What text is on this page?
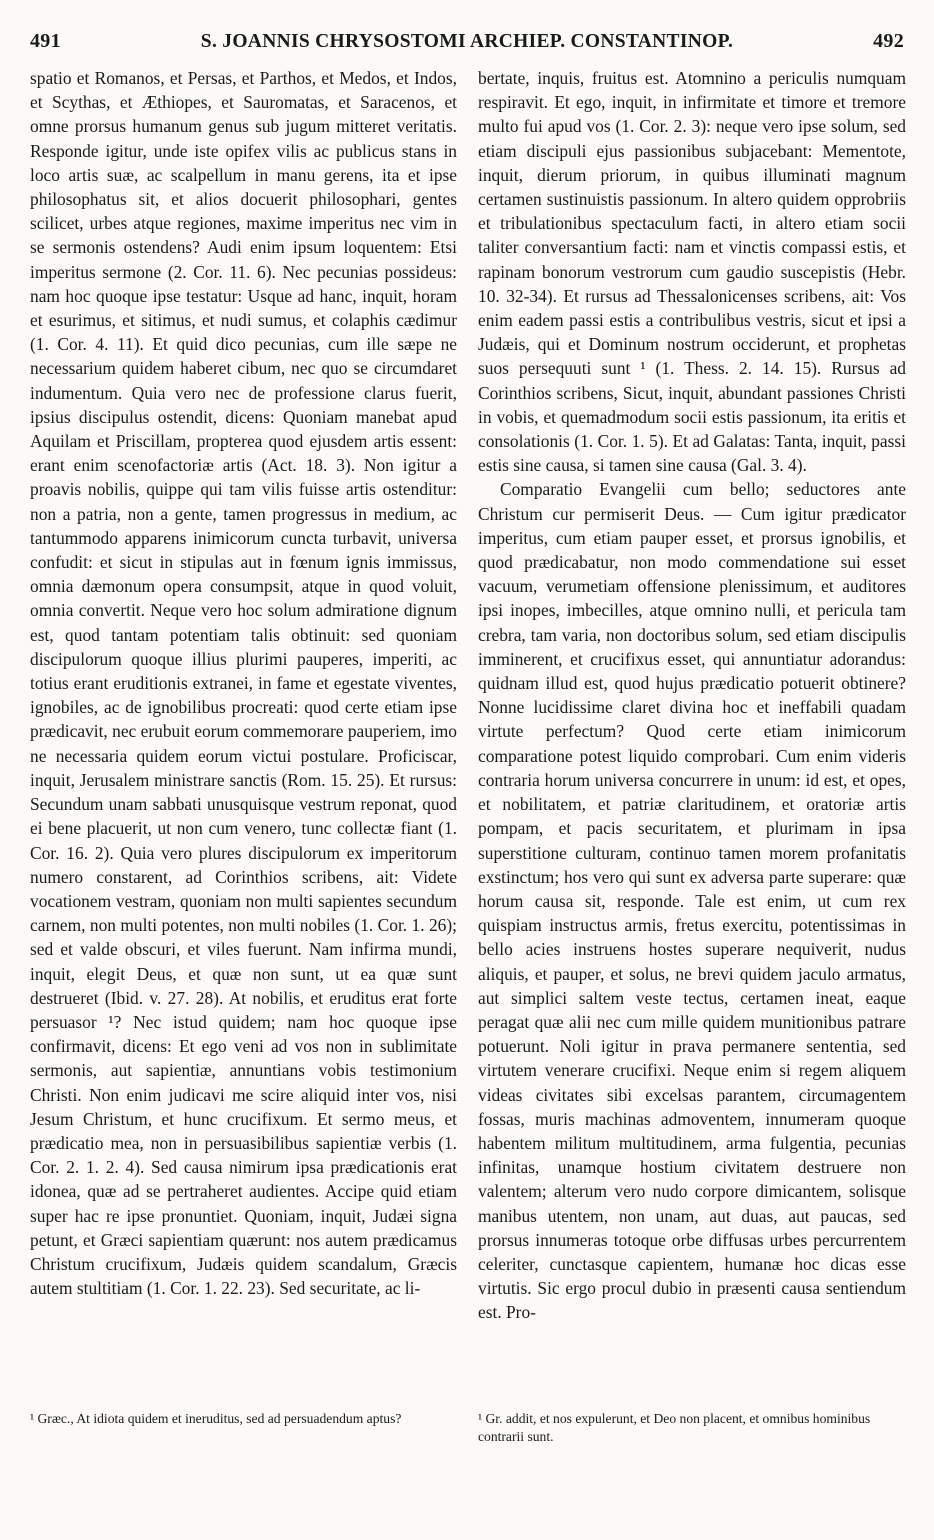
491	S. JOANNIS CHRYSOSTOMI ARCHIEP. CONSTANTINOP.	492

spatio et Romanos, et Persas, et Parthos, et Medos, et Indos, et Scythas, et Æthiopes, et Sauromatas, et Saracenos, et omne prorsus humanum genus sub jugum mitteret veritatis. Responde igitur, unde iste opifex vilis ac publicus stans in loco artis suæ, ac scalpellum in manu gerens, ita et ipse philosophatus sit, et alios docuerit philosophari, gentes scilicet, urbes atque regiones, maxime imperitus nec vim in se sermonis ostendens? Audi enim ipsum loquentem: Etsi imperitus sermone (2. Cor. 11. 6). Nec pecunias possideus: nam hoc quoque ipse testatur: Usque ad hanc, inquit, horam et esurimus, et sitimus, et nudi sumus, et colaphis cædimur (1. Cor. 4. 11). Et quid dico pecunias, cum ille sæpe ne necessarium quidem haberet cibum, nec quo se circumdaret indumentum. Quia vero nec de professione clarus fuerit, ipsius discipulus ostendit, dicens: Quoniam manebat apud Aquilam et Priscillam, propterea quod ejusdem artis essent: erant enim scenofactoriæ artis (Act. 18. 3). Non igitur a proavis nobilis, quippe qui tam vilis fuisse artis ostenditur: non a patria, non a gente, tamen progressus in medium, ac tantummodo apparens inimicorum cuncta turbavit, universa confudit: et sicut in stipulas aut in fœnum ignis immissus, omnia dæmonum opera consumpsit, atque in quod voluit, omnia convertit. Neque vero hoc solum admiratione dignum est, quod tantam potentiam talis obtinuit: sed quoniam discipulorum quoque illius plurimi pauperes, imperiti, ac totius erant eruditionis extranei, in fame et egestate viventes, ignobiles, ac de ignobilibus procreati: quod certe etiam ipse prædicavit, nec erubuit eorum commemorare pauperiem, imo ne necessaria quidem eorum victui postulare. Proficiscar, inquit, Jerusalem ministrare sanctis (Rom. 15. 25). Et rursus: Secundum unam sabbati unusquisque vestrum reponat, quod ei bene placuerit, ut non cum venero, tunc collectæ fiant (1. Cor. 16. 2). Quia vero plures discipulorum ex imperitorum numero constarent, ad Corinthios scribens, ait: Videte vocationem vestram, quoniam non multi sapientes secundum carnem, non multi potentes, non multi nobiles (1. Cor. 1. 26); sed et valde obscuri, et viles fuerunt. Nam infirma mundi, inquit, elegit Deus, et quæ non sunt, ut ea quæ sunt destrueret (Ibid. v. 27. 28). At nobilis, et eruditus erat forte persuasor ¹? Nec istud quidem; nam hoc quoque ipse confirmavit, dicens: Et ego veni ad vos non in sublimitate sermonis, aut sapientiæ, annuntians vobis testimonium Christi. Non enim judicavi me scire aliquid inter vos, nisi Jesum Christum, et hunc crucifixum. Et sermo meus, et prædicatio mea, non in persuasibilibus sapientiæ verbis (1. Cor. 2. 1. 2. 4). Sed causa nimirum ipsa prædicationis erat idonea, quæ ad se pertraheret audientes. Accipe quid etiam super hac re ipse pronuntiet. Quoniam, inquit, Judæi signa petunt, et Græci sapientiam quærunt: nos autem prædicamus Christum crucifixum, Judæis quidem scandalum, Græcis autem stultitiam (1. Cor. 1. 22. 23). Sed securitate, ac li-

bertate, inquis, fruitus est. Atomnino a periculis numquam respiravit. Et ego, inquit, in infirmitate et timore et tremore multo fui apud vos (1. Cor. 2. 3): neque vero ipse solum, sed etiam discipuli ejus passionibus subjacebant: Mementote, inquit, dierum priorum, in quibus illuminati magnum certamen sustinuistis passionum. In altero quidem opprobriis et tribulationibus spectaculum facti, in altero etiam socii taliter conversantium facti: nam et vinctis compassi estis, et rapinam bonorum vestrorum cum gaudio suscepistis (Hebr. 10. 32-34). Et rursus ad Thessalonicenses scribens, ait: Vos enim eadem passi estis a contribulibus vestris, sicut et ipsi a Judæis, qui et Dominum nostrum occiderunt, et prophetas suos persequuti sunt ¹ (1. Thess. 2. 14. 15). Rursus ad Corinthios scribens, Sicut, inquit, abundant passiones Christi in vobis, et quemadmodum socii estis passionum, ita eritis et consolationis (1. Cor. 1. 5). Et ad Galatas: Tanta, inquit, passi estis sine causa, si tamen sine causa (Gal. 3. 4).

Comparatio Evangelii cum bello; seductores ante Christum cur permiserit Deus. — Cum igitur prædicator imperitus, cum etiam pauper esset, et prorsus ignobilis, et quod prædicabatur, non modo commendatione sui esset vacuum, verumetiam offensione plenissimum, et auditores ipsi inopes, imbecilles, atque omnino nulli, et pericula tam crebra, tam varia, non doctoribus solum, sed etiam discipulis imminerent, et crucifixus esset, qui annuntiatur adorandus: quidnam illud est, quod hujus prædicatio potuerit obtinere? Nonne lucidissime claret divina hoc et ineffabili quadam virtute perfectum? Quod certe etiam inimicorum comparatione potest liquido comprobari. Cum enim videris contraria horum universa concurrere in unum: id est, et opes, et nobilitatem, et patriæ claritudinem, et oratoriæ artis pompam, et pacis securitatem, et plurimam in ipsa superstitione culturam, continuo tamen morem profanitatis exstinctum; hos vero qui sunt ex adversa parte superare: quæ horum causa sit, responde. Tale est enim, ut cum rex quispiam instructus armis, fretus exercitu, potentissimas in bello acies instruens hostes superare nequiverit, nudus aliquis, et pauper, et solus, ne brevi quidem jaculo armatus, aut simplici saltem veste tectus, certamen ineat, eaque peragat quæ alii nec cum mille quidem munitionibus patrare potuerunt. Noli igitur in prava permanere sententia, sed virtutem venerare crucifixi. Neque enim si regem aliquem videas civitates sibi excelsas parantem, circumagentem fossas, muris machinas admoventem, innumeram quoque habentem militum multitudinem, arma fulgentia, pecunias infinitas, unamque hostium civitatem destruere non valentem; alterum vero nudo corpore dimicantem, solisque manibus utentem, non unam, aut duas, aut paucas, sed prorsus innumeras totoque orbe diffusas urbes percurrentem celeriter, cunctasque capientem, humanæ hoc dicas esse virtutis. Sic ergo procul dubio in præsenti causa sentiendum est. Pro-

¹ Græc., At idiota quidem et ineruditus, sed ad persuadendum aptus?	¹ Gr. addit, et nos expulerunt, et Deo non placent, et omnibus hominibus contrarii sunt.
